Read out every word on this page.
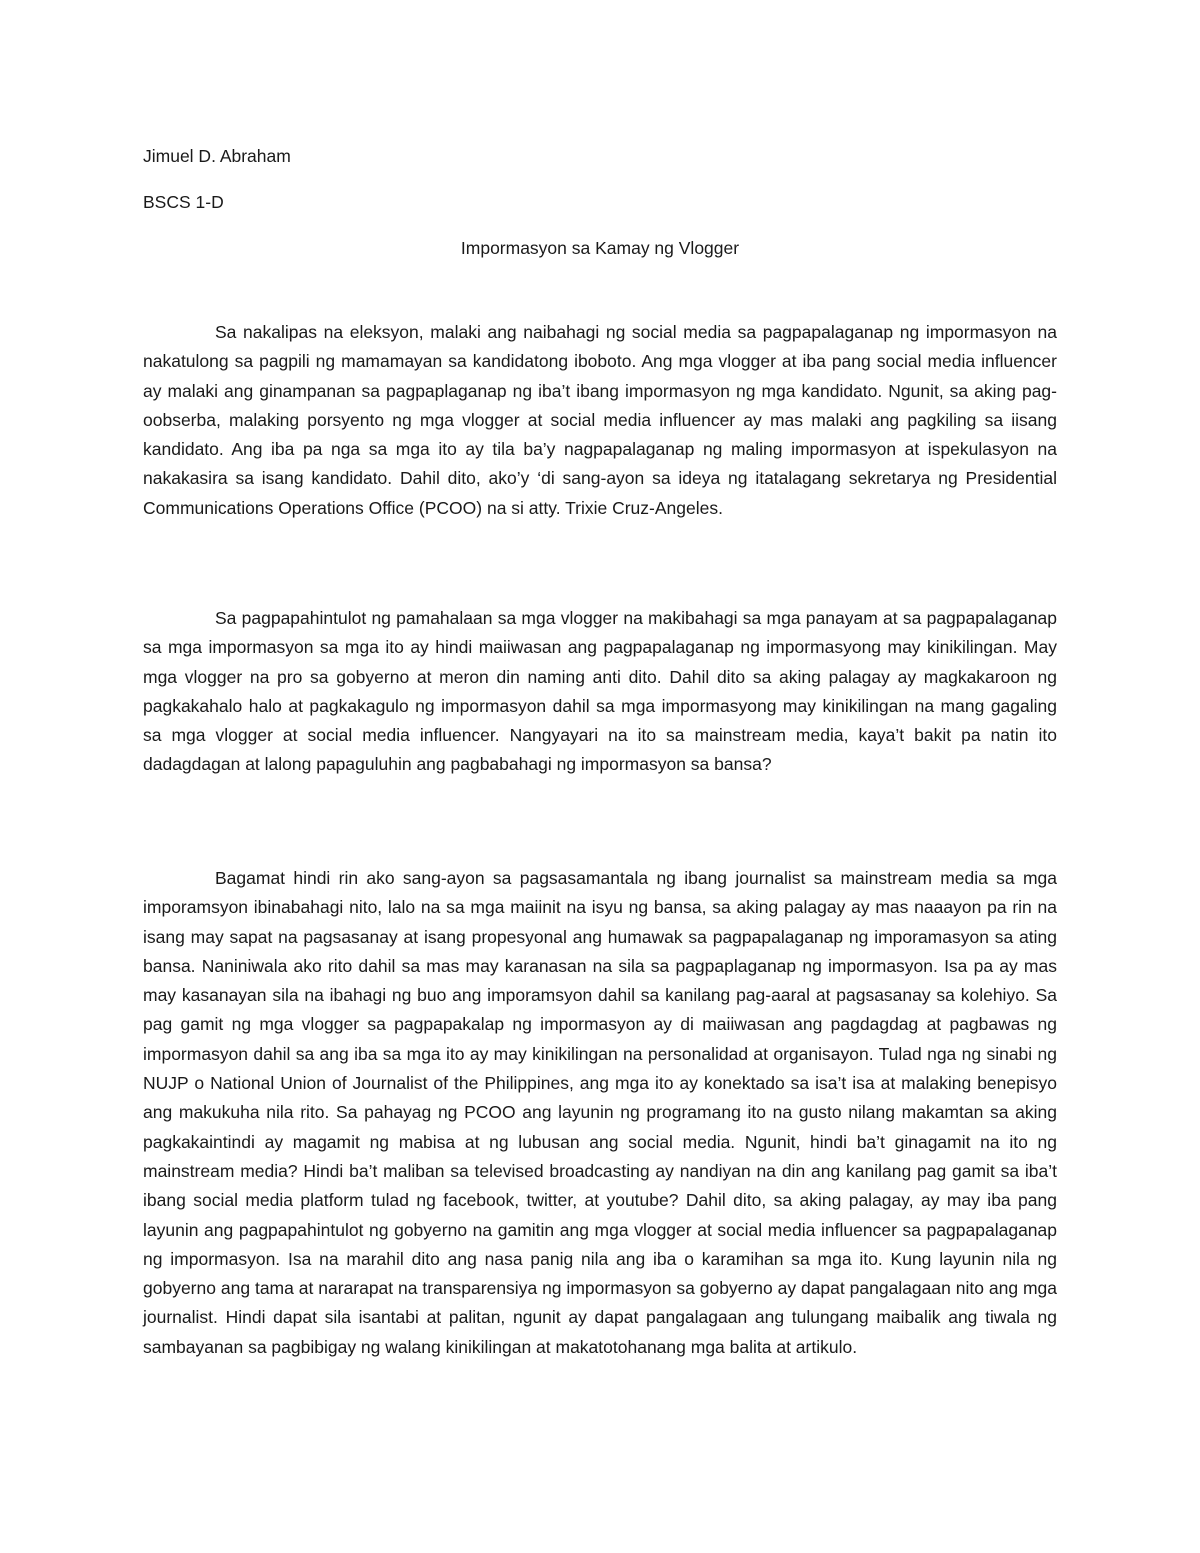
Jimuel D. Abraham

BSCS 1-D

Impormasyon sa Kamay ng Vlogger

Sa nakalipas na eleksyon, malaki ang naibahagi ng social media sa pagpapalaganap ng impormasyon na nakatulong sa pagpili ng mamamayan sa kandidatong iboboto. Ang mga vlogger at iba pang social media influencer ay malaki ang ginampanan sa pagpaplaganap ng iba’t ibang impormasyon ng mga kandidato. Ngunit, sa aking pag-oobserba, malaking porsyento ng mga vlogger at social media influencer ay mas malaki ang pagkiling sa iisang kandidato. Ang iba pa nga sa mga ito ay tila ba’y nagpapalaganap ng maling impormasyon at ispekulasyon na nakakasira sa isang kandidato. Dahil dito, ako’y ‘di sang-ayon sa ideya ng itatalagang sekretarya ng Presidential Communications Operations Office (PCOO) na si atty. Trixie Cruz-Angeles.

Sa pagpapahintulot ng pamahalaan sa mga vlogger na makibahagi sa mga panayam at sa pagpapalaganap sa mga impormasyon sa mga ito ay hindi maiiwasan ang pagpapalaganap ng impormasyong may kinikilingan. May mga vlogger na pro sa gobyerno at meron din naming anti dito. Dahil dito sa aking palagay ay magkakaroon ng pagkakahalo halo at pagkakagulo ng impormasyon dahil sa mga impormasyong may kinikilingan na mang gagaling sa mga vlogger at social media influencer. Nangyayari na ito sa mainstream media, kaya’t bakit pa natin ito dadagdagan at lalong papaguluhin ang pagbabahagi ng impormasyon sa bansa?

Bagamat hindi rin ako sang-ayon sa pagsasamantala ng ibang journalist sa mainstream media sa mga imporamsyon ibinabahagi nito, lalo na sa mga maiinit na isyu ng bansa, sa aking palagay ay mas naaayon pa rin na isang may sapat na pagsasanay at isang propesyonal ang humawak sa pagpapalaganap ng imporamasyon sa ating bansa. Naniniwala ako rito dahil sa mas may karanasan na sila sa pagpaplaganap ng impormasyon. Isa pa ay mas may kasanayan sila na ibahagi ng buo ang imporamsyon dahil sa kanilang pag-aaral at pagsasanay sa kolehiyo. Sa pag gamit ng mga vlogger sa pagpapakalap ng impormasyon ay di maiiwasan ang pagdagdag at pagbawas ng impormasyon dahil sa ang iba sa mga ito ay may kinikilingan na personalidad at organisayon. Tulad nga ng sinabi ng NUJP o National Union of Journalist of the Philippines, ang mga ito ay konektado sa isa’t isa at malaking benepisyo ang makukuha nila rito. Sa pahayag ng PCOO ang layunin ng programang ito na gusto nilang makamtan sa aking pagkakaintindi ay magamit ng mabisa at ng lubusan ang social media. Ngunit, hindi ba’t ginagamit na ito ng mainstream media? Hindi ba’t maliban sa televised broadcasting ay nandiyan na din ang kanilang pag gamit sa iba’t ibang social media platform tulad ng facebook, twitter, at youtube? Dahil dito, sa aking palagay, ay may iba pang layunin ang pagpapahintulot ng gobyerno na gamitin ang mga vlogger at social media influencer sa pagpapalaganap ng impormasyon. Isa na marahil dito ang nasa panig nila ang iba o karamihan sa mga ito. Kung layunin nila ng gobyerno ang tama at nararapat na transparensiya ng impormasyon sa gobyerno ay dapat pangalagaan nito ang mga journalist. Hindi dapat sila isantabi at palitan, ngunit ay dapat pangalagaan ang tulungang maibalik ang tiwala ng sambayanan sa pagbibigay ng walang kinikilingan at makatotohanang mga balita at artikulo.
